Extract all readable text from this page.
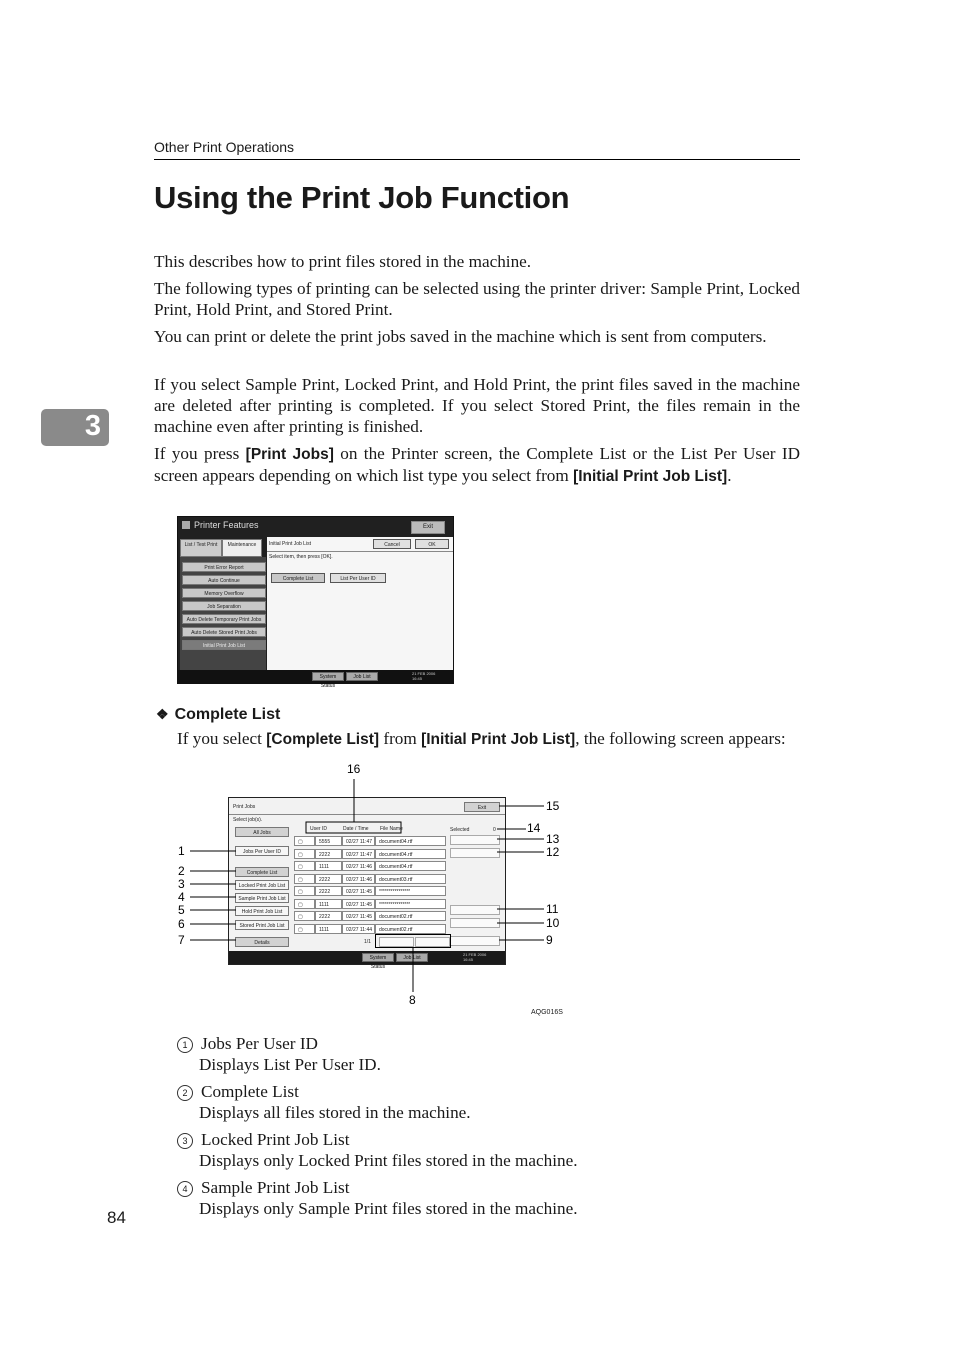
Other Print Operations
Using the Print Job Function
3
This describes how to print files stored in the machine.
The following types of printing can be selected using the printer driver: Sample Print, Locked Print, Hold Print, and Stored Print.
You can print or delete the print jobs saved in the machine which is sent from computers.
If you select Sample Print, Locked Print, and Hold Print, the print files saved in the machine are deleted after printing is completed. If you select Stored Print, the files remain in the machine even after printing is finished.
If you press [Print Jobs] on the Printer screen, the Complete List or the List Per User ID screen appears depending on which list type you select from [Initial Print Job List].
Printer Features	Exit
List / Test Print	Maintenance
Print Error Report
Auto Continue
Memory Overflow
Job Separation
Auto Delete Temporary Print Jobs
Auto Delete Stored Print Jobs
Initial Print Job List
Initial Print Job List	Cancel	OK
Select item, then press [OK].
Complete List	List Per User ID
System Status
Job List
21 FEB 2006
16:45
❖ Complete List
If you select [Complete List] from [Initial Print Job List], the following screen appears:
Print Jobs	Exit
Select job(s).
All Jobs
Jobs Per User ID
Complete List
Locked Print Job List
Sample Print Job List
Hold Print Job List
Stored Print Job List
Details
User ID	Date / Time File Name	Selected	0
▢	5555	02/27 11:47	document04.rtf
▢	2222	02/27 11:47	document04.rtf
▢	1111	02/27 11:46	document04.rtf
▢	2222	02/27 11:46	document03.rtf
▢	2222	02/27 11:45	****************
▢	1111	02/27 11:45	****************
▢	2222	02/27 11:45	document02.rtf
▢	1111	02/27 11:44	document02.rtf
1/1
System Status
Job List
21 FEB 2006
16:45
16
15
14
13
12
1
2
3
4
5
6
7
11
10
9
8
AQG016S
1 Jobs Per User ID
Displays List Per User ID.
2 Complete List
Displays all files stored in the machine.
3 Locked Print Job List
Displays only Locked Print files stored in the machine.
4 Sample Print Job List
Displays only Sample Print files stored in the machine.
84
